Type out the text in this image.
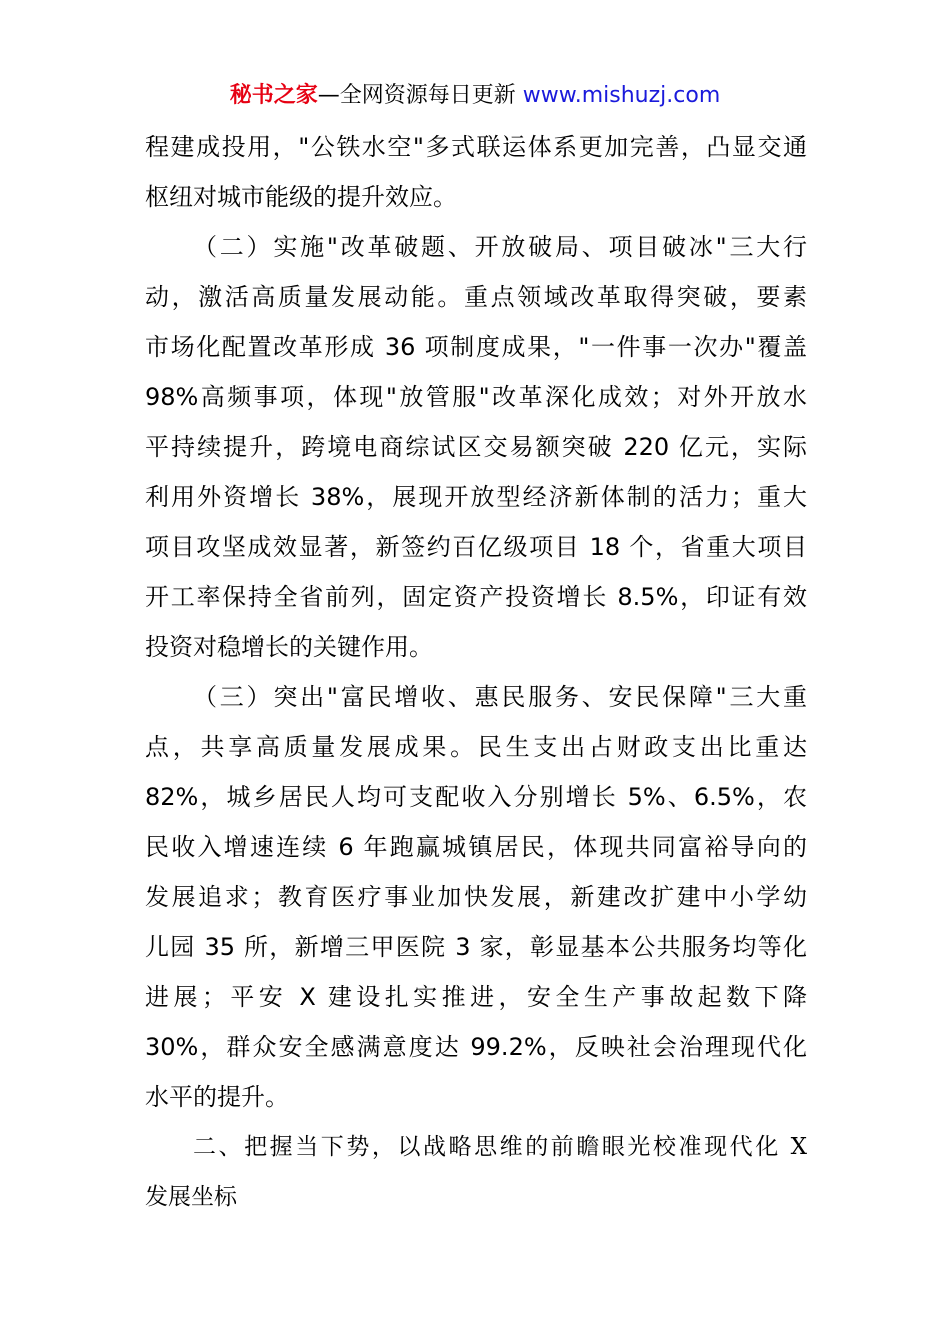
秘书之家—全网资源每日更新 www.mishuzj.com
程建成投用，"公铁水空"多式联运体系更加完善，凸显交通
枢纽对城市能级的提升效应。
（二）实施"改革破题、开放破局、项目破冰"三大行
动，激活高质量发展动能。重点领域改革取得突破，要素
市场化配置改革形成 36 项制度成果，"一件事一次办"覆盖
98%高频事项，体现"放管服"改革深化成效；对外开放水
平持续提升，跨境电商综试区交易额突破 220 亿元，实际
利用外资增长 38%，展现开放型经济新体制的活力；重大
项目攻坚成效显著，新签约百亿级项目 18 个，省重大项目
开工率保持全省前列，固定资产投资增长 8.5%，印证有效
投资对稳增长的关键作用。
（三）突出"富民增收、惠民服务、安民保障"三大重
点，共享高质量发展成果。民生支出占财政支出比重达
82%，城乡居民人均可支配收入分别增长 5%、6.5%，农
民收入增速连续 6 年跑赢城镇居民，体现共同富裕导向的
发展追求；教育医疗事业加快发展，新建改扩建中小学幼
儿园 35 所，新增三甲医院 3 家，彰显基本公共服务均等化
进展；平安 X 建设扎实推进，安全生产事故起数下降
30%，群众安全感满意度达 99.2%，反映社会治理现代化
水平的提升。
二、把握当下势，以战略思维的前瞻眼光校准现代化 X
发展坐标
